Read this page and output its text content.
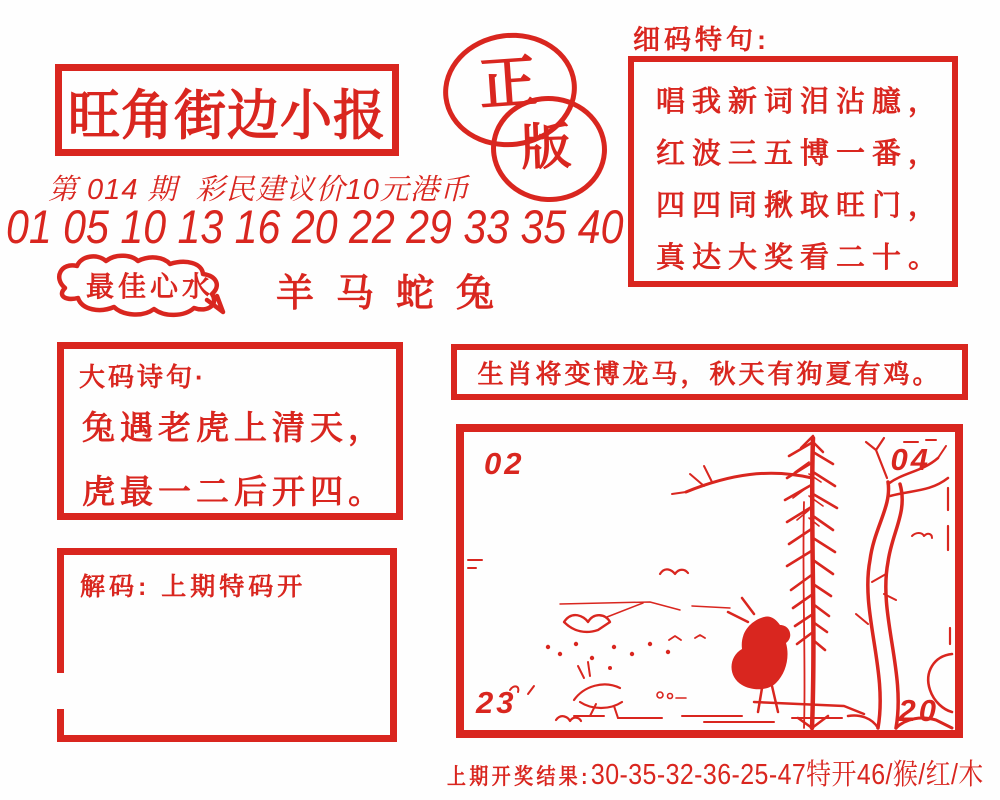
旺角街边小报 正
版
第 014 期  彩民建议价10元港币
01 05 10 13 16 20 22 29 33 35 40
细码特句:
唱我新词泪沾臆，
红波三五博一番，
四四同揪取旺门，
真达大奖看二十。
最佳心水	羊马蛇兔
大码诗句·
兔遇老虎上清天，
虎最一二后开四。
生肖将变博龙马，秋天有狗夏有鸡。
02	04
23	20
解码: 上期特码开
上期开奖结果: 30-35-32-36-25-47特开46/猴/红/木
